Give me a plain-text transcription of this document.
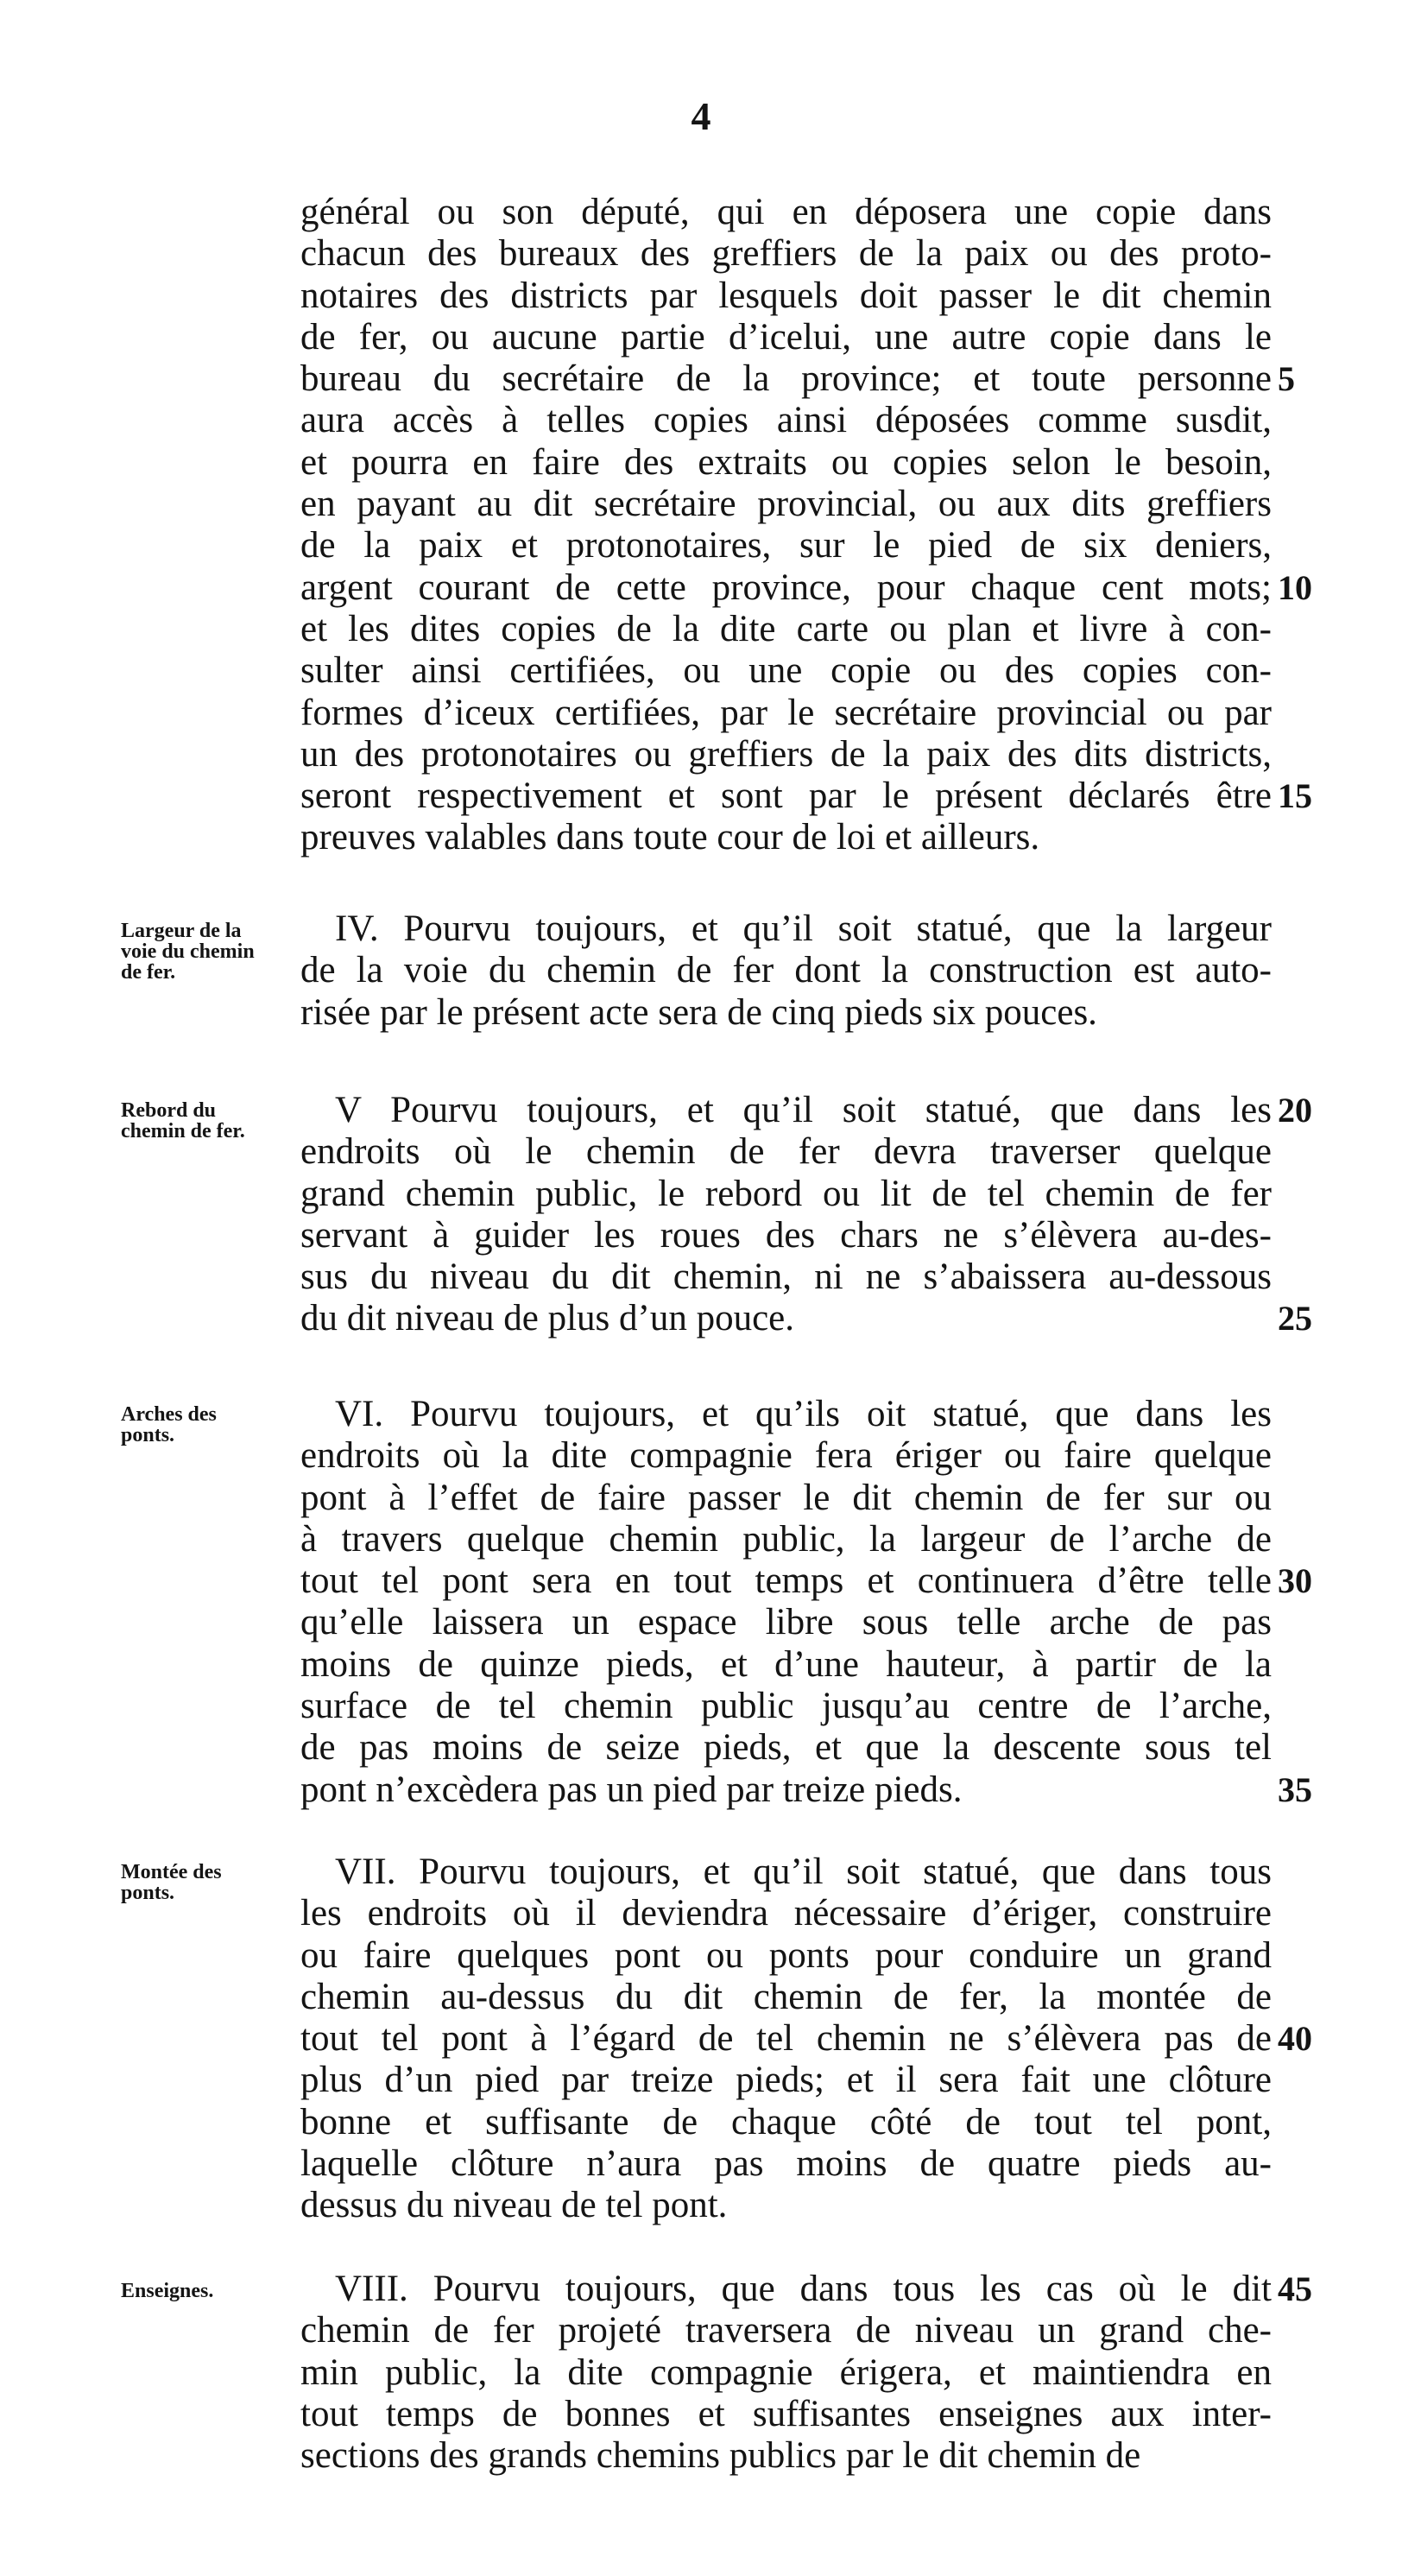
4
général ou son député, qui en déposera une copie dans
chacun des bureaux des greffiers de la paix ou des proto-
notaires des districts par lesquels doit passer le dit chemin
de fer, ou aucune partie d’icelui, une autre copie dans le
bureau du secrétaire de la province; et toute personne 5
aura accès à telles copies ainsi déposées comme susdit,
et pourra en faire des extraits ou copies selon le besoin,
en payant au dit secrétaire provincial, ou aux dits greffiers
de la paix et protonotaires, sur le pied de six deniers,
argent courant de cette province, pour chaque cent mots; 10
et les dites copies de la dite carte ou plan et livre à con-
sulter ainsi certifiées, ou une copie ou des copies con-
formes d’iceux certifiées, par le secrétaire provincial ou par
un des protonotaires ou greffiers de la paix des dits districts,
seront respectivement et sont par le présent déclarés être 15
preuves valables dans toute cour de loi et ailleurs.
Largeur de la
voie du chemin
de fer.
IV. Pourvu toujours, et qu’il soit statué, que la largeur
de la voie du chemin de fer dont la construction est auto-
risée par le présent acte sera de cinq pieds six pouces.
Rebord du
chemin de fer.
V Pourvu toujours, et qu’il soit statué, que dans les 20
endroits où le chemin de fer devra traverser quelque
grand chemin public, le rebord ou lit de tel chemin de fer
servant à guider les roues des chars ne s’élèvera au-des-
sus du niveau du dit chemin, ni ne s’abaissera au-dessous
du dit niveau de plus d’un pouce.	25
Arches des
ponts.
VI. Pourvu toujours, et qu’ils oit statué, que dans les
endroits où la dite compagnie fera ériger ou faire quelque
pont à l’effet de faire passer le dit chemin de fer sur ou
à travers quelque chemin public, la largeur de l’arche de
tout tel pont sera en tout temps et continuera d’être telle 30
qu’elle laissera un espace libre sous telle arche de pas
moins de quinze pieds, et d’une hauteur, à partir de la
surface de tel chemin public jusqu’au centre de l’arche,
de pas moins de seize pieds, et que la descente sous tel
pont n’excèdera pas un pied par treize pieds.	35
Montée des
ponts.
VII. Pourvu toujours, et qu’il soit statué, que dans tous
les endroits où il deviendra nécessaire d’ériger, construire
ou faire quelques pont ou ponts pour conduire un grand
chemin au-dessus du dit chemin de fer, la montée de
tout tel pont à l’égard de tel chemin ne s’élèvera pas de 40
plus d’un pied par treize pieds; et il sera fait une clôture
bonne et suffisante de chaque côté de tout tel pont,
laquelle clôture n’aura pas moins de quatre pieds au-
dessus du niveau de tel pont.
Enseignes.	VIII. Pourvu toujours, que dans tous les cas où le dit 45
chemin de fer projeté traversera de niveau un grand che-
min public, la dite compagnie érigera, et maintiendra en
tout temps de bonnes et suffisantes enseignes aux inter-
sections des grands chemins publics par le dit chemin de
